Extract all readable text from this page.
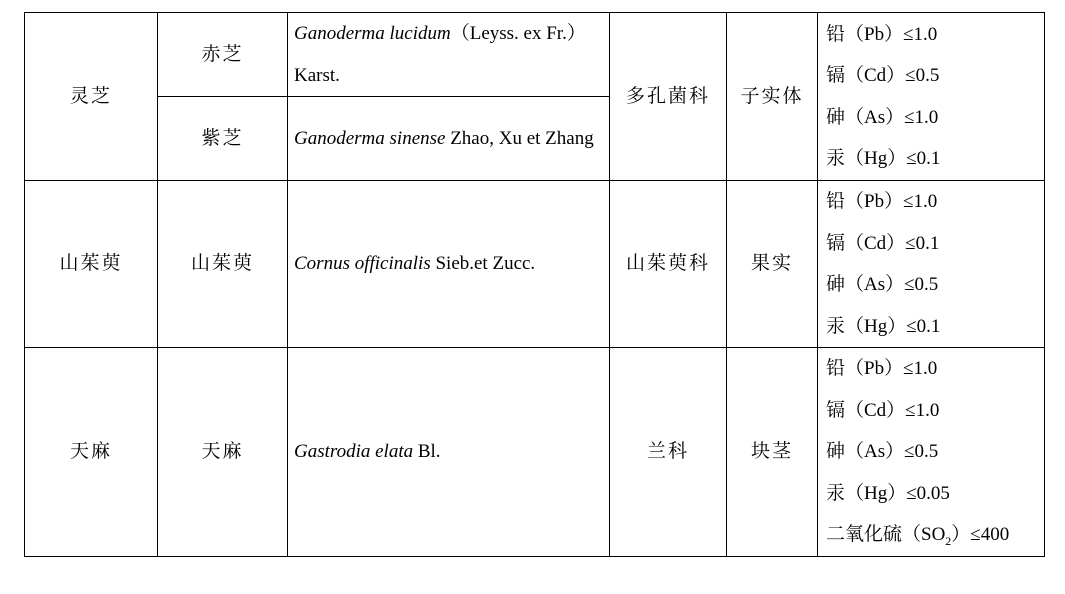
灵芝	赤芝	Ganoderma lucidum（Leyss. ex Fr.）Karst.	多孔菌科	子实体	铅（Pb）≤1.0
镉（Cd）≤0.5
砷（As）≤1.0
汞（Hg）≤0.1

	紫芝	Ganoderma sinense Zhao, Xu et Zhang			
山茱萸	山茱萸	Cornus officinalis Sieb.et Zucc.	山茱萸科	果实	铅（Pb）≤1.0
镉（Cd）≤0.1
砷（As）≤0.5
汞（Hg）≤0.1

天麻	天麻	Gastrodia elata Bl.	兰科	块茎	铅（Pb）≤1.0
镉（Cd）≤1.0
砷（As）≤0.5
汞（Hg）≤0.05
二氧化硫$(SO_2)\le 400$
